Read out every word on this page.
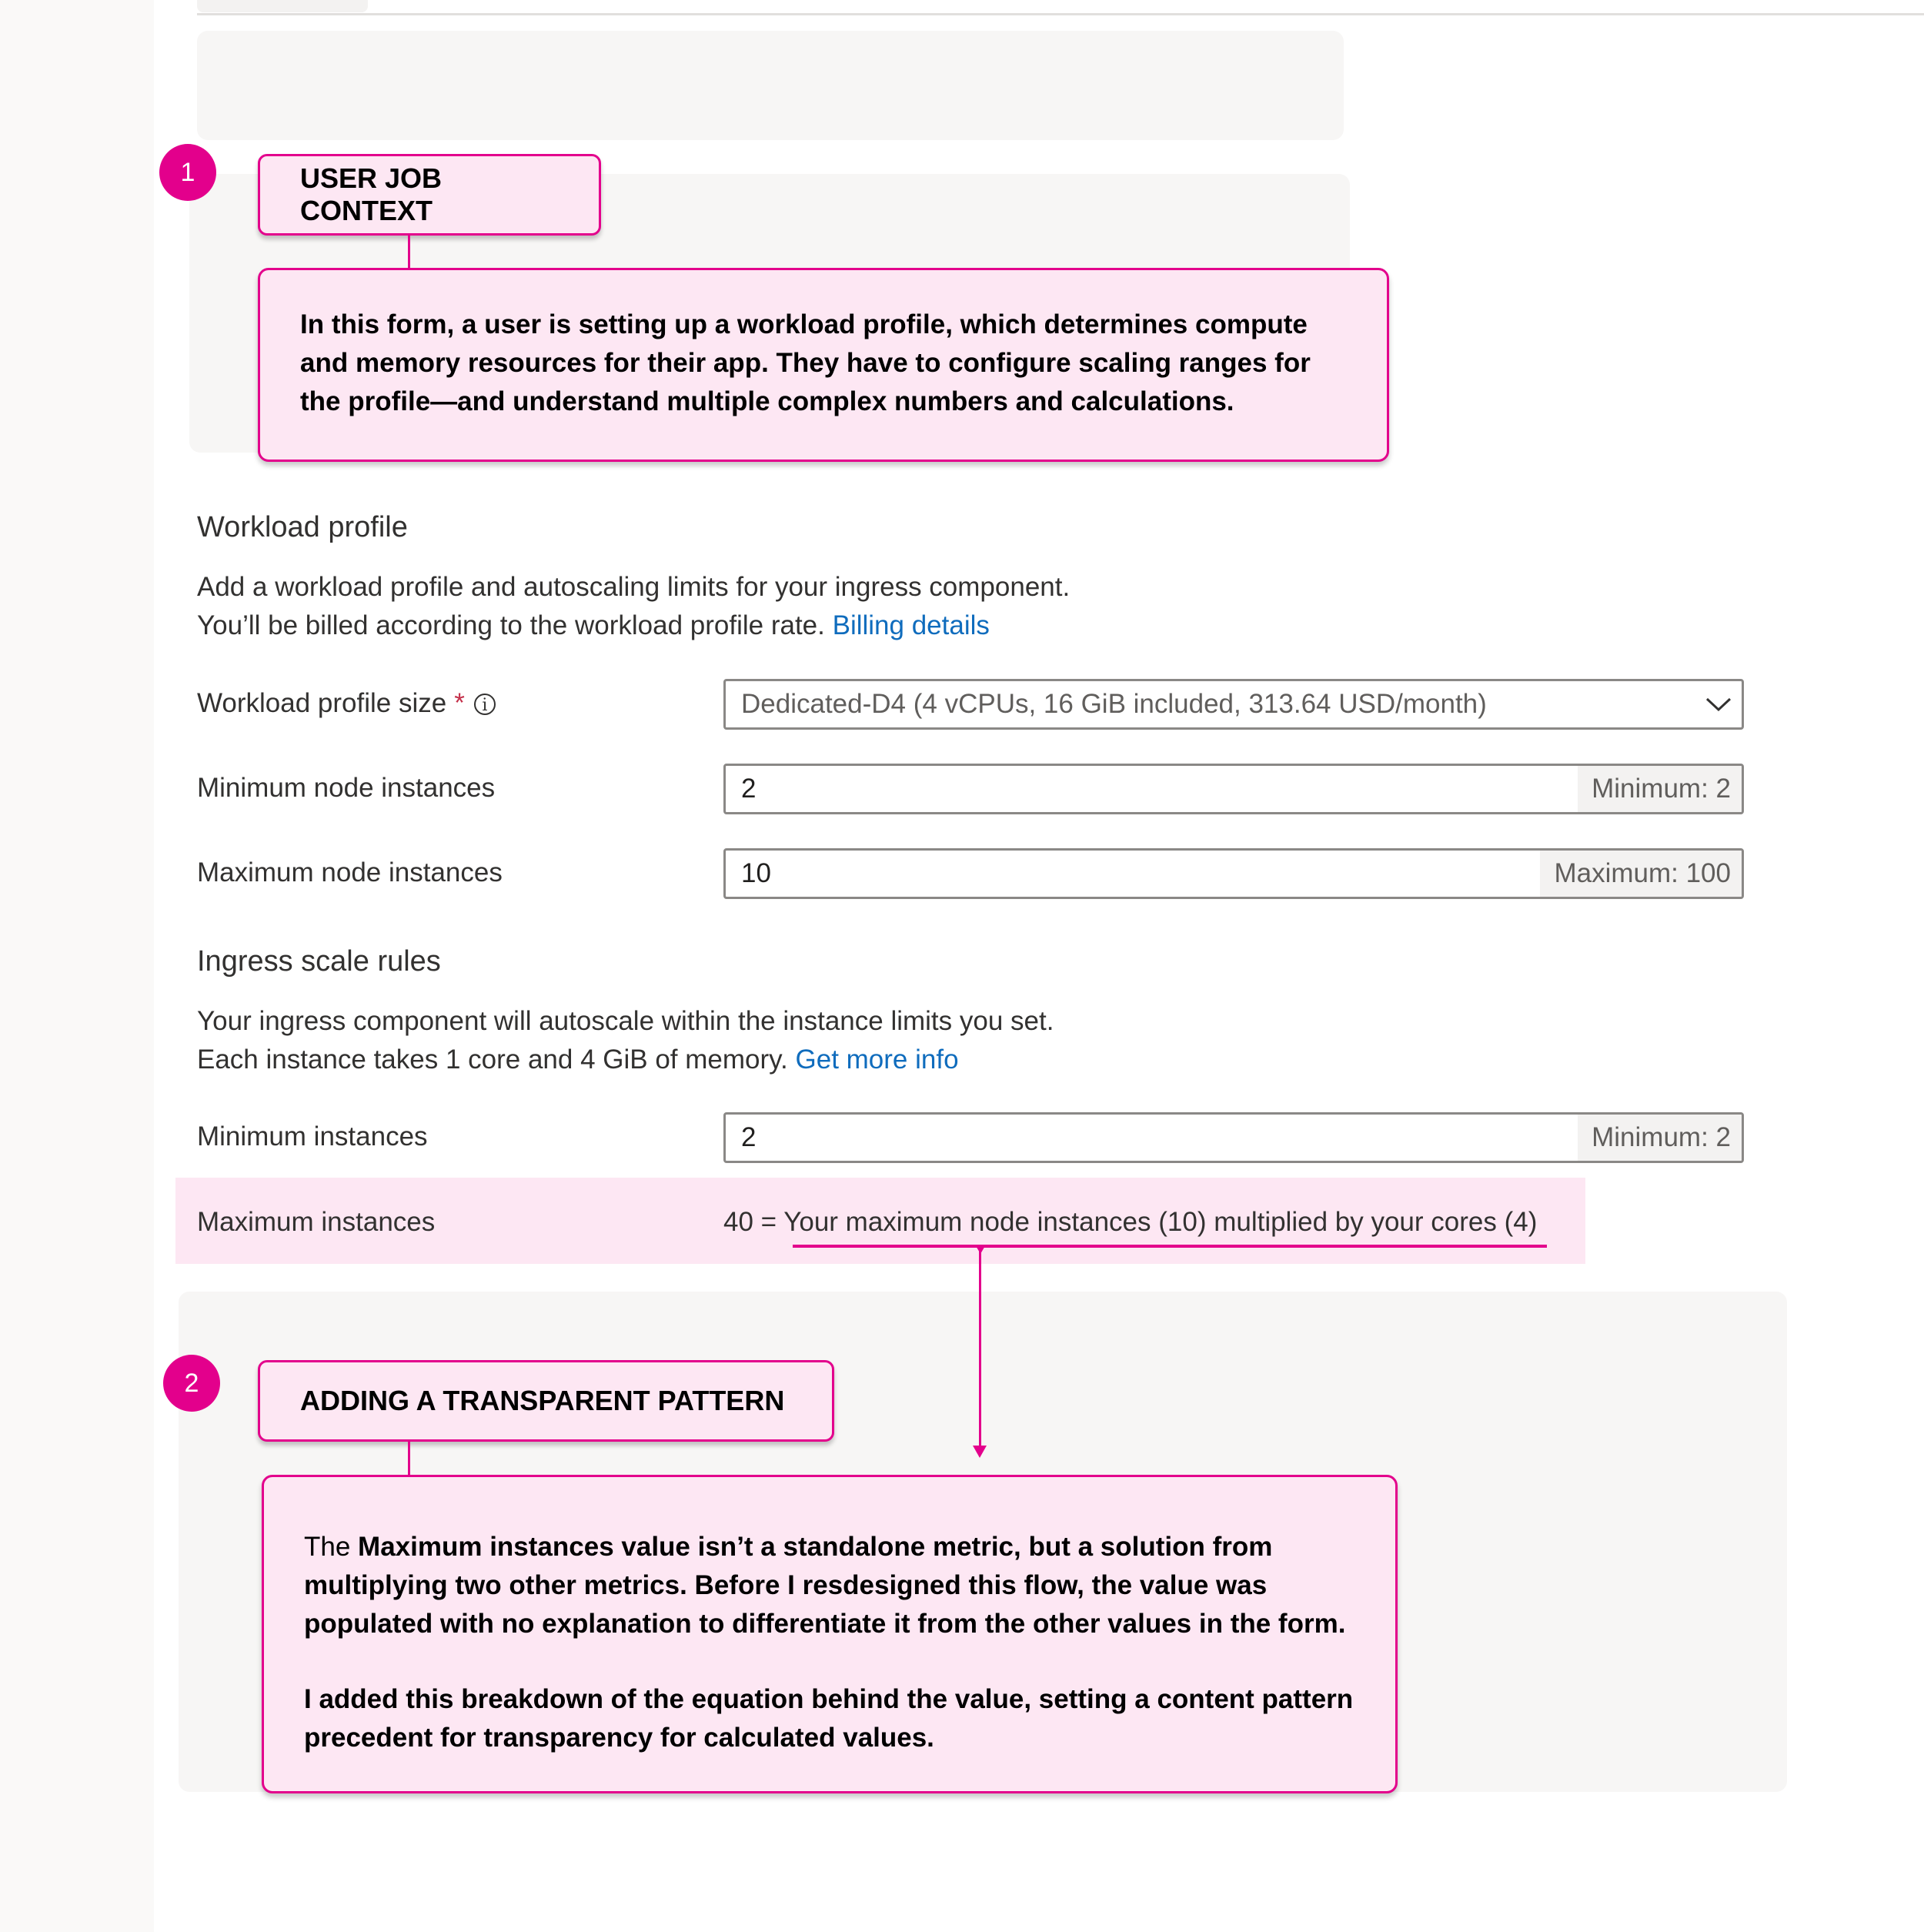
1	USER JOB CONTEXT
In this form, a user is setting up a workload profile, which determines compute and memory resources for their app. They have to configure scaling ranges for the profile—and understand multiple complex numbers and calculations.
Workload profile
Add a workload profile and autoscaling limits for your ingress component.
You’ll be billed according to the workload profile rate. Billing details
Workload profile size * i	Dedicated-D4 (4 vCPUs, 16 GiB included, 313.64 USD/month)
Minimum node instances	2	Minimum: 2
Maximum node instances	10	Maximum: 100
Ingress scale rules
Your ingress component will autoscale within the instance limits you set.
Each instance takes 1 core and 4 GiB of memory. Get more info
Minimum instances	2	Minimum: 2
Maximum instances	40 = Your maximum node instances (10) multiplied by your cores (4)
2
ADDING A TRANSPARENT PATTERN
The Maximum instances value isn’t a standalone metric, but a solution from multiplying two other metrics. Before I resdesigned this flow, the value was populated with no explanation to differentiate it from the other values in the form.
I added this breakdown of the equation behind the value, setting a content pattern precedent for transparency for calculated values.
